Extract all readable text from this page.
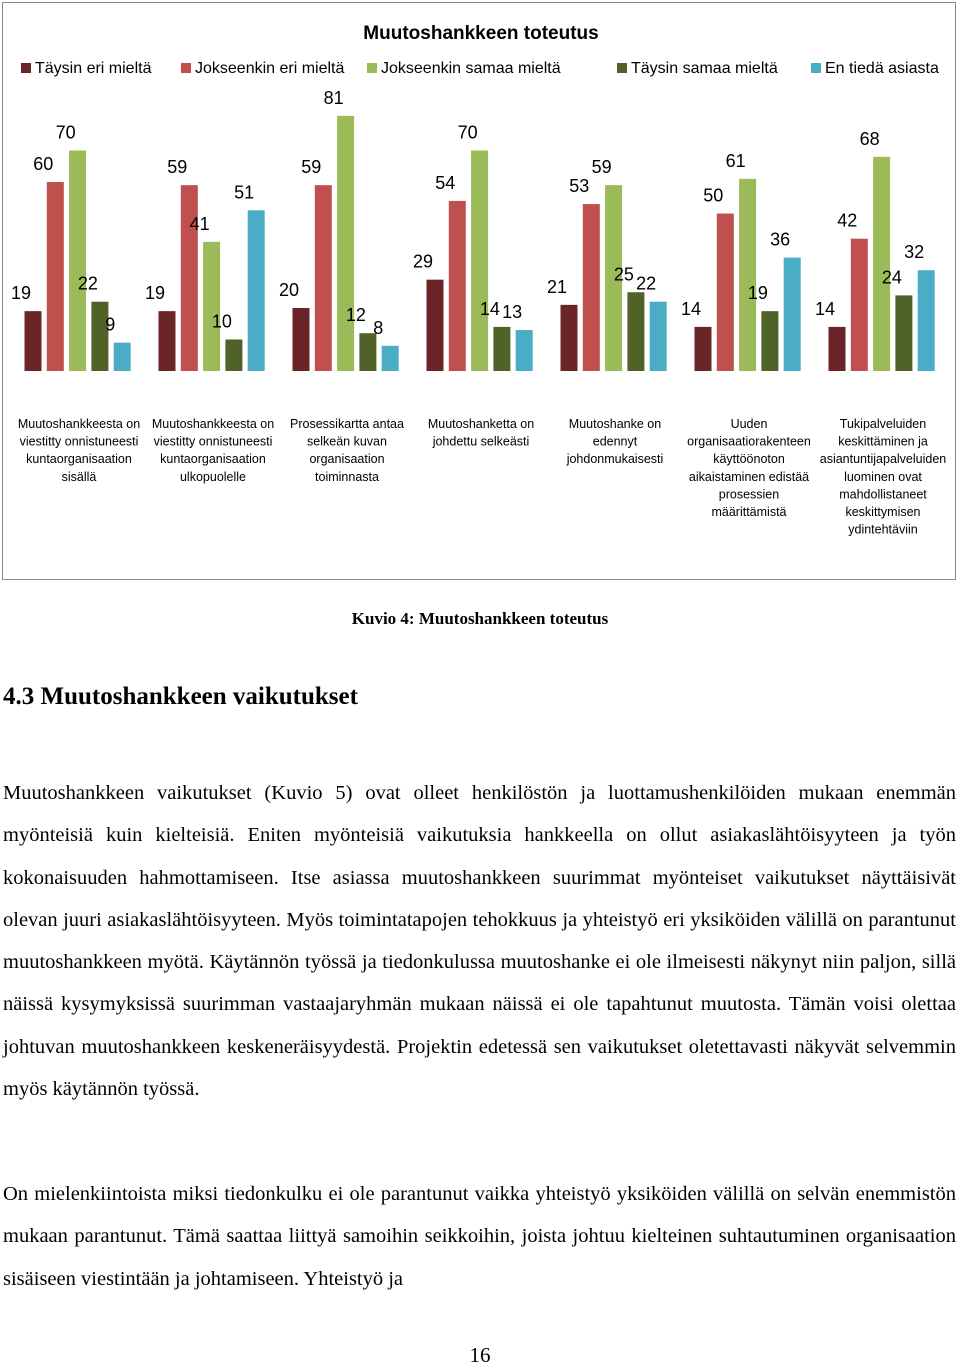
Muutoshankkeen toteutus
Täysin eri mieltä	Jokseenkin eri mieltä Jokseenkin samaa mieltä	Täysin samaa mieltä	En tiedä asiasta
19
60
70
22
9
19
59
41
10
51
20
59
81
12
8
29
54
70
14 13
21
53
59
25 22
14
50
61
19
36
14
42
68
24
32
Muutoshankkeesta on viestitty onnistuneesti kuntaorganisaation sisällä
Muutoshankkeesta on viestitty onnistuneesti kuntaorganisaation ulkopuolelle
Prosessikartta antaa selkeän kuvan organisaation toiminnasta
Muutoshanketta on johdettu selkeästi
Muutoshanke on edennyt johdonmukaisesti
Uuden organisaatiorakenteen käyttöönoton aikaistaminen edistää prosessien määrittämistä
Tukipalveluiden keskittäminen ja asiantuntijapalveluiden luominen ovat mahdollistaneet keskittymisen ydintehtäviin
Kuvio 4: Muutoshankkeen toteutus
4.3 Muutoshankkeen vaikutukset

Muutoshankkeen vaikutukset (Kuvio 5) ovat olleet henkilöstön ja luottamushenkilöiden mukaan enemmän myönteisiä kuin kielteisiä. Eniten myönteisiä vaikutuksia hankkeella on ollut asiakaslähtöisyyteen ja työn kokonaisuuden hahmottamiseen. Itse asiassa muutoshankkeen suurimmat myönteiset vaikutukset näyttäisivät olevan juuri asiakaslähtöisyyteen. Myös toimintatapojen tehokkuus ja yhteistyö eri yksiköiden välillä on parantunut muutoshankkeen myötä. Käytännön työssä ja tiedonkulussa muutoshanke ei ole ilmeisesti näkynyt niin paljon, sillä näissä kysymyksissä suurimman vastaajaryhmän mukaan näissä ei ole tapahtunut muutosta. Tämän voisi olettaa johtuvan muutoshankkeen keskeneräisyydestä. Projektin edetessä sen vaikutukset oletettavasti näkyvät selvemmin myös käytännön työssä.

On mielenkiintoista miksi tiedonkulku ei ole parantunut vaikka yhteistyö yksiköiden välillä on selvän enemmistön mukaan parantunut. Tämä saattaa liittyä samoihin seikkoihin, joista johtuu kielteinen suhtautuminen organisaation sisäiseen viestintään ja johtamiseen. Yhteistyö ja

16
